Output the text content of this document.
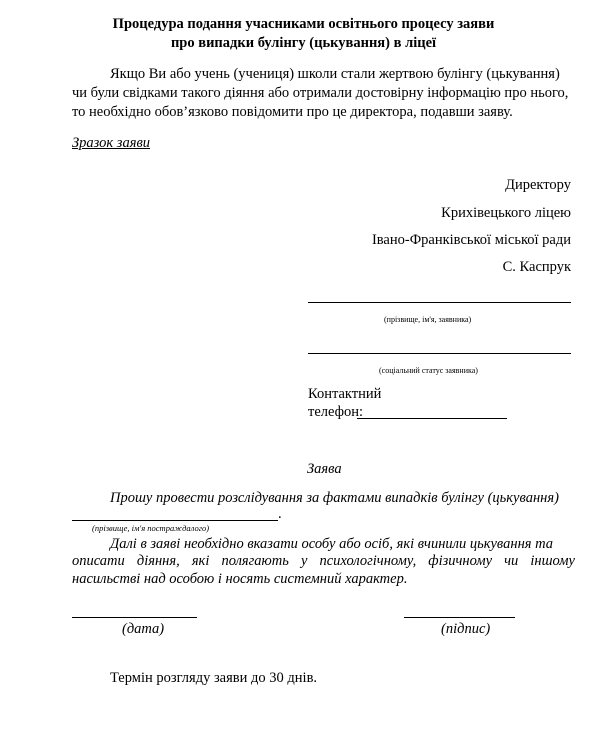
Процедура подання учасниками освітнього процесу заяви
про випадки булінгу (цькування) в ліцеї
Якщо Ви або учень (учениця) школи стали жертвою булінгу (цькування)
чи були свідками такого діяння або отримали достовірну інформацію про нього,
то необхідно обов’язково повідомити про це директора, подавши заяву.
Зразок заяви
Директору
Крихівецького ліцею
Івано-Франківської міської ради
С. Каспрук
(прізвище, ім'я, заявника)
(соціальний статус заявника)
Контактний
телефон:
Заява
Прошу провести розслідування за фактами випадків булінгу (цькування)
.
(прізвище, ім'я постраждалого)
Далі в заяві необхідно вказати особу або осіб, які вчинили цькування та
описати діяння, які полягають у психологічному, фізичному чи іншому
насильстві над особою і носять системний характер.
(дата)	(підпис)
Термін розгляду заяви до 30 днів.
